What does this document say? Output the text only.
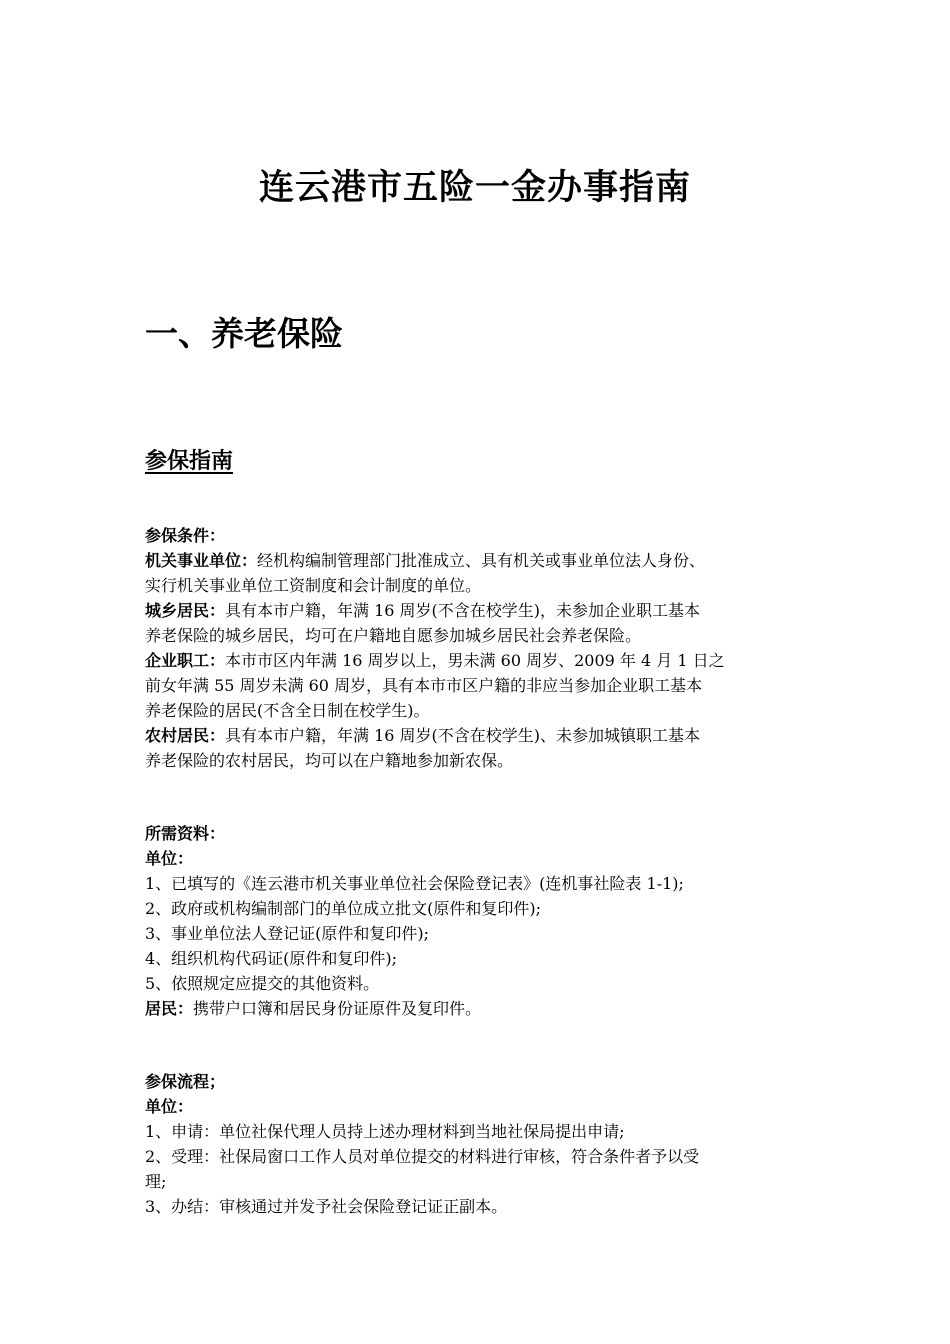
连云港市五险一金办事指南
一、养老保险
参保指南
参保条件：
机关事业单位：经机构编制管理部门批准成立、具有机关或事业单位法人身份、
实行机关事业单位工资制度和会计制度的单位。
城乡居民：具有本市户籍，年满 16 周岁(不含在校学生)，未参加企业职工基本
养老保险的城乡居民，均可在户籍地自愿参加城乡居民社会养老保险。
企业职工：本市市区内年满 16 周岁以上，男未满 60 周岁、2009 年 4 月 1 日之
前女年满 55 周岁未满 60 周岁，具有本市市区户籍的非应当参加企业职工基本
养老保险的居民(不含全日制在校学生)。
农村居民：具有本市户籍，年满 16 周岁(不含在校学生)、未参加城镇职工基本
养老保险的农村居民，均可以在户籍地参加新农保。
所需资料：
单位：
1、已填写的《连云港市机关事业单位社会保险登记表》(连机事社险表 1-1);
2、政府或机构编制部门的单位成立批文(原件和复印件);
3、事业单位法人登记证(原件和复印件);
4、组织机构代码证(原件和复印件);
5、依照规定应提交的其他资料。
居民：携带户口簿和居民身份证原件及复印件。
参保流程；
单位：
1、申请：单位社保代理人员持上述办理材料到当地社保局提出申请;
2、受理：社保局窗口工作人员对单位提交的材料进行审核，符合条件者予以受
理;
3、办结：审核通过并发予社会保险登记证正副本。
